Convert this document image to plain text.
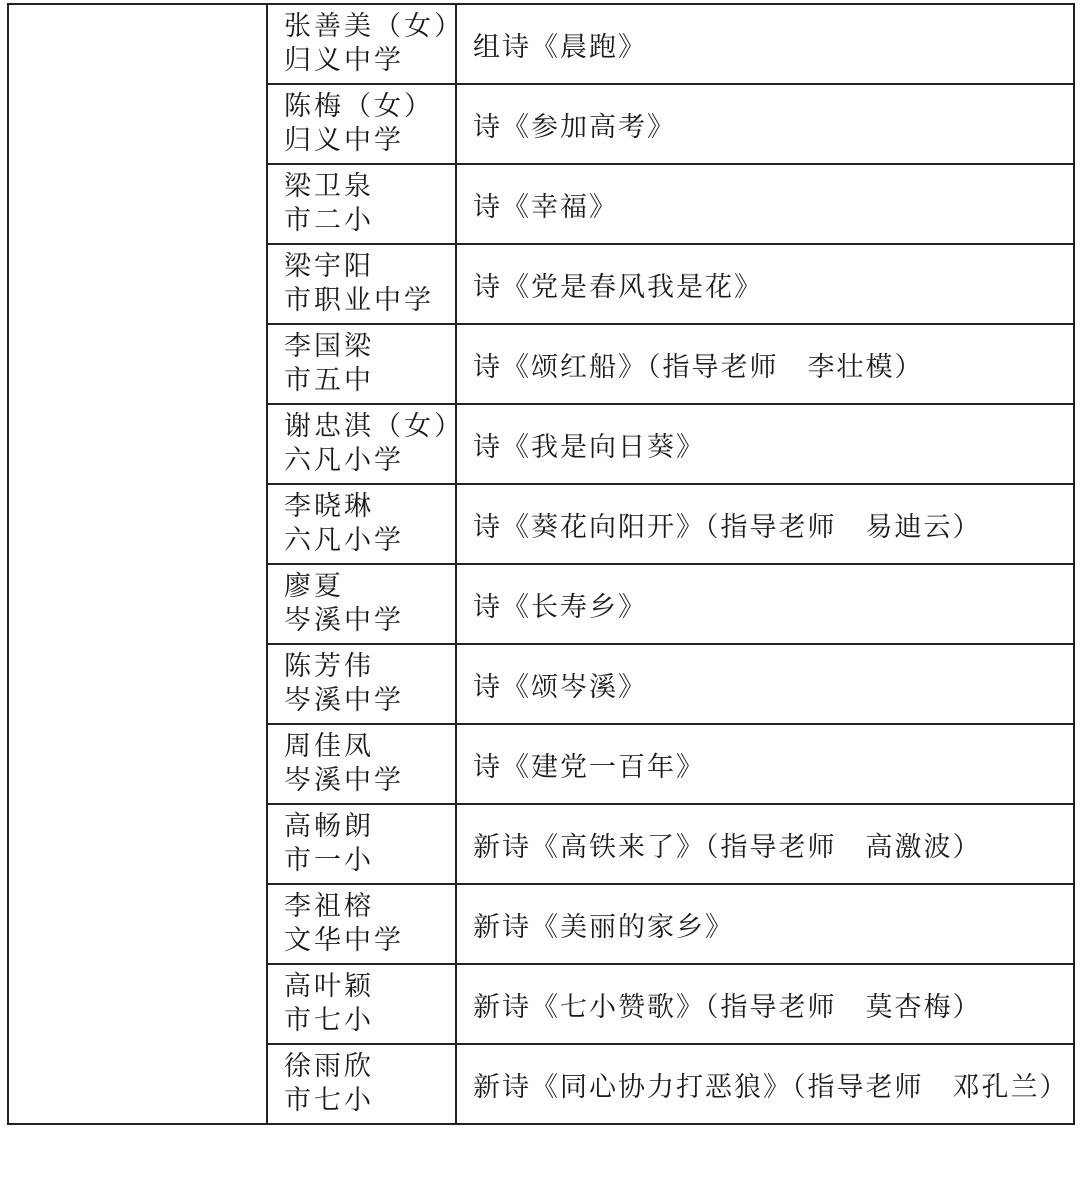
	张善美（女）
归义中学	组诗《晨跑》

	陈梅（女）
归义中学	诗《参加高考》

	梁卫泉
市二小	诗《幸福》

	梁宇阳
市职业中学	诗《党是春风我是花》

	李国梁
市五中	诗《颂红船》（指导老师　李壮模）

	谢忠淇（女）
六凡小学	诗《我是向日葵》

	李晓琳
六凡小学	诗《葵花向阳开》（指导老师　易迪云）

	廖夏
岑溪中学	诗《长寿乡》

	陈芳伟
岑溪中学	诗《颂岑溪》

	周佳凤
岑溪中学	诗《建党一百年》

	高畅朗
市一小	新诗《高铁来了》（指导老师　高激波）

	李祖榕
文华中学	新诗《美丽的家乡》

	高叶颖
市七小	新诗《七小赞歌》（指导老师　莫杏梅）

	徐雨欣
市七小	新诗《同心协力打恶狼》（指导老师　邓孔兰）
